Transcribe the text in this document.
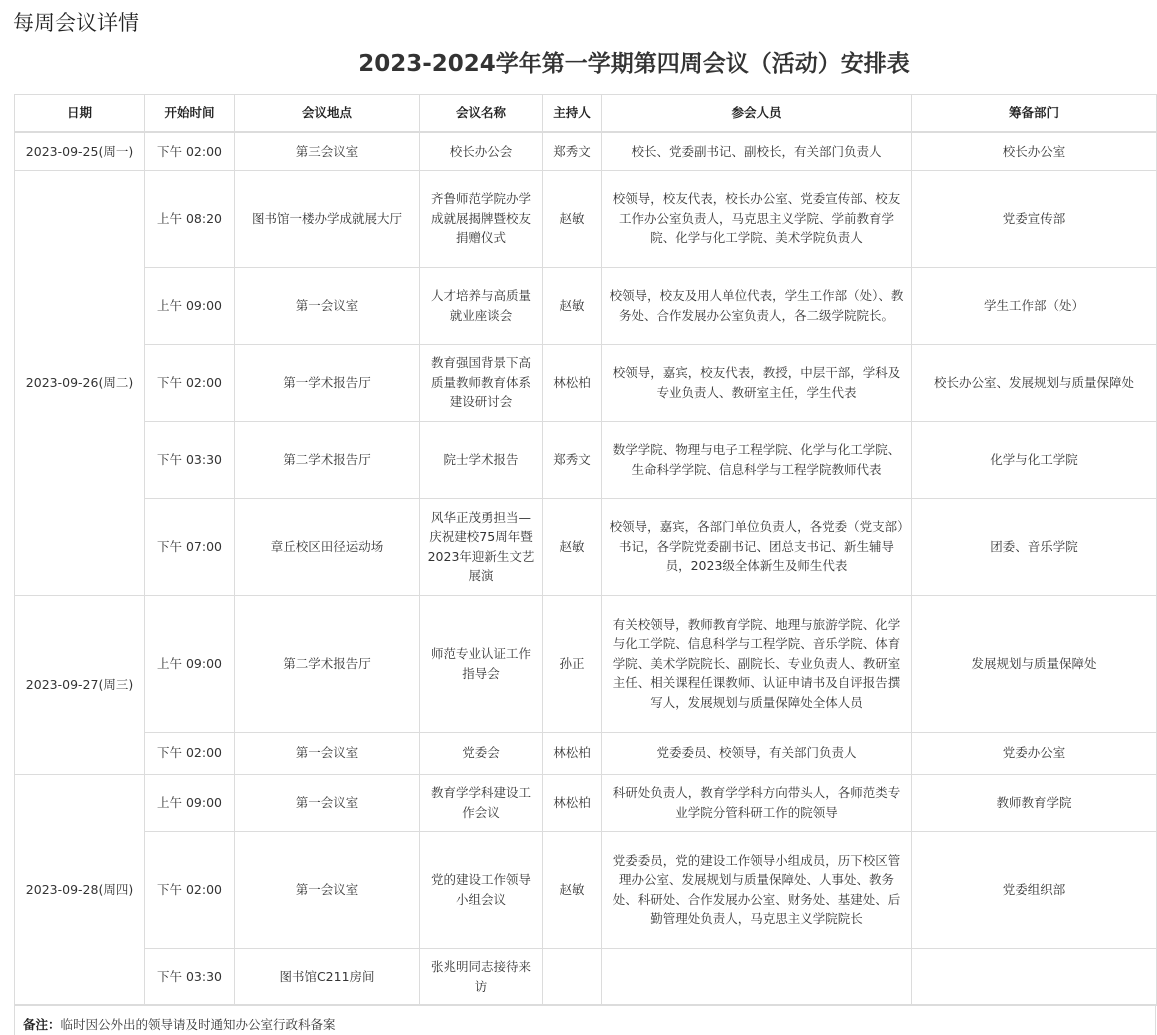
每周会议详情
2023-2024学年第一学期第四周会议（活动）安排表
日期	开始时间	会议地点	会议名称	主持人	参会人员	筹备部门
2023-09-25(周一)	下午 02:00	第三会议室	校长办公会	郑秀文	校长、党委副书记、副校长，有关部门负责人	校长办公室
2023-09-26(周二)	上午 08:20	图书馆一楼办学成就展大厅	齐鲁师范学院办学成就展揭牌暨校友捐赠仪式	赵敏	校领导，校友代表，校长办公室、党委宣传部、校友工作办公室负责人，马克思主义学院、学前教育学院、化学与化工学院、美术学院负责人	党委宣传部
	上午 09:00	第一会议室	人才培养与高质量就业座谈会	赵敏	校领导，校友及用人单位代表，学生工作部（处）、教务处、合作发展办公室负责人，各二级学院院长。	学生工作部（处）
	下午 02:00	第一学术报告厅	教育强国背景下高质量教师教育体系建设研讨会	林松柏	校领导，嘉宾，校友代表，教授，中层干部，学科及专业负责人、教研室主任，学生代表	校长办公室、发展规划与质量保障处
	下午 03:30	第二学术报告厅	院士学术报告	郑秀文	数学学院、物理与电子工程学院、化学与化工学院、生命科学学院、信息科学与工程学院教师代表	化学与化工学院
	下午 07:00	章丘校区田径运动场	风华正茂勇担当—庆祝建校75周年暨2023年迎新生文艺展演	赵敏	校领导，嘉宾，各部门单位负责人，各党委（党支部）书记，各学院党委副书记、团总支书记、新生辅导员，2023级全体新生及师生代表	团委、音乐学院
2023-09-27(周三)	上午 09:00	第二学术报告厅	师范专业认证工作指导会	孙正	有关校领导，教师教育学院、地理与旅游学院、化学与化工学院、信息科学与工程学院、音乐学院、体育学院、美术学院院长、副院长、专业负责人、教研室主任、相关课程任课教师、认证申请书及自评报告撰写人，发展规划与质量保障处全体人员	发展规划与质量保障处
	下午 02:00	第一会议室	党委会	林松柏	党委委员、校领导，有关部门负责人	党委办公室
2023-09-28(周四)	上午 09:00	第一会议室	教育学学科建设工作会议	林松柏	科研处负责人，教育学学科方向带头人，各师范类专业学院分管科研工作的院领导	教师教育学院
	下午 02:00	第一会议室	党的建设工作领导小组会议	赵敏	党委委员，党的建设工作领导小组成员，历下校区管理办公室、发展规划与质量保障处、人事处、教务处、科研处、合作发展办公室、财务处、基建处、后勤管理处负责人，马克思主义学院院长	党委组织部
	下午 03:30	图书馆C211房间	张兆明同志接待来访			
备注：临时因公外出的领导请及时通知办公室行政科备案
